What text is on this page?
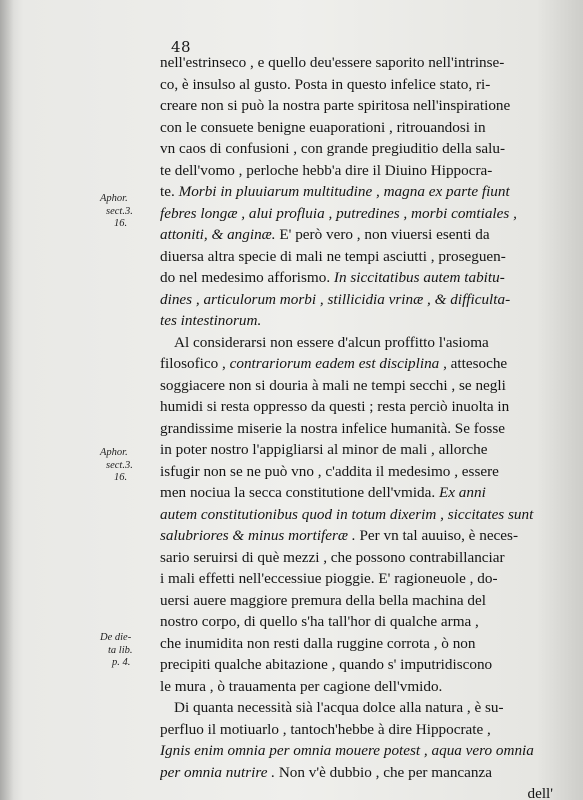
48
nell'estrinseco , e quello deu'essere saporito nell'intrinse-
co, è insulso al gusto. Posta in questo infelice stato, ri-
creare non si può la nostra parte spiritosa nell'inspiratione
con le consuete benigne euaporationi , ritrouandosi in
vn caos di confusioni , con grande pregiuditio della salu-
te dell'vomo , perloche hebb'a dire il Diuino Hippocra-
te. Morbi in pluuiarum multitudine , magna ex parte fiunt
febres longæ , alui profluia , putredines , morbi comtiales ,
attoniti, & anginæ. E' però vero , non viuersi esenti da
diuersa altra specie di mali ne tempi asciutti , proseguen-
do nel medesimo afforismo. In siccitatibus autem tabitu-
dines , articulorum morbi , stillicidia vrinæ , & difficulta-
tes intestinorum.
Al considerarsi non essere d'alcun proffitto l'asioma
filosofico , contrariorum eadem est disciplina , attesoche
soggiacere non si douria à mali ne tempi secchi , se negli
humidi si resta oppresso da questi ; resta perciò inuolta in
grandissime miserie la nostra infelice humanità. Se fosse
in poter nostro l'appigliarsi al minor de mali , allorche
isfugir non se ne può vno , c'addita il medesimo , essere
men nociua la secca constitutione dell'vmida. Ex anni
autem constitutionibus quod in totum dixerim , siccitates sunt
salubriores & minus mortiferæ . Per vn tal auuiso, è neces-
sario seruirsi di què mezzi , che possono contrabillanciar
i mali effetti nell'eccessiue pioggie. E' ragioneuole , do-
uersi auere maggiore premura della bella machina del
nostro corpo, di quello s'ha tall'hor di qualche arma ,
che inumidita non resti dalla ruggine corrota , ò non
precipiti qualche abitazione , quando s' imputridiscono
le mura , ò trauamenta per cagione dell'vmido.
Di quanta necessità sià l'acqua dolce alla natura , è su-
perfluo il motiuarlo , tantoch'hebbe à dire Hippocrate ,
Ignis enim omnia per omnia mouere potest , aqua vero omnia
per omnia nutrire . Non v'è dubbio , che per mancanza
dell'
Aphor.
sect.3.
16.
Aphor.
sect.3.
16.
De die-
ta lib.
p. 4.
